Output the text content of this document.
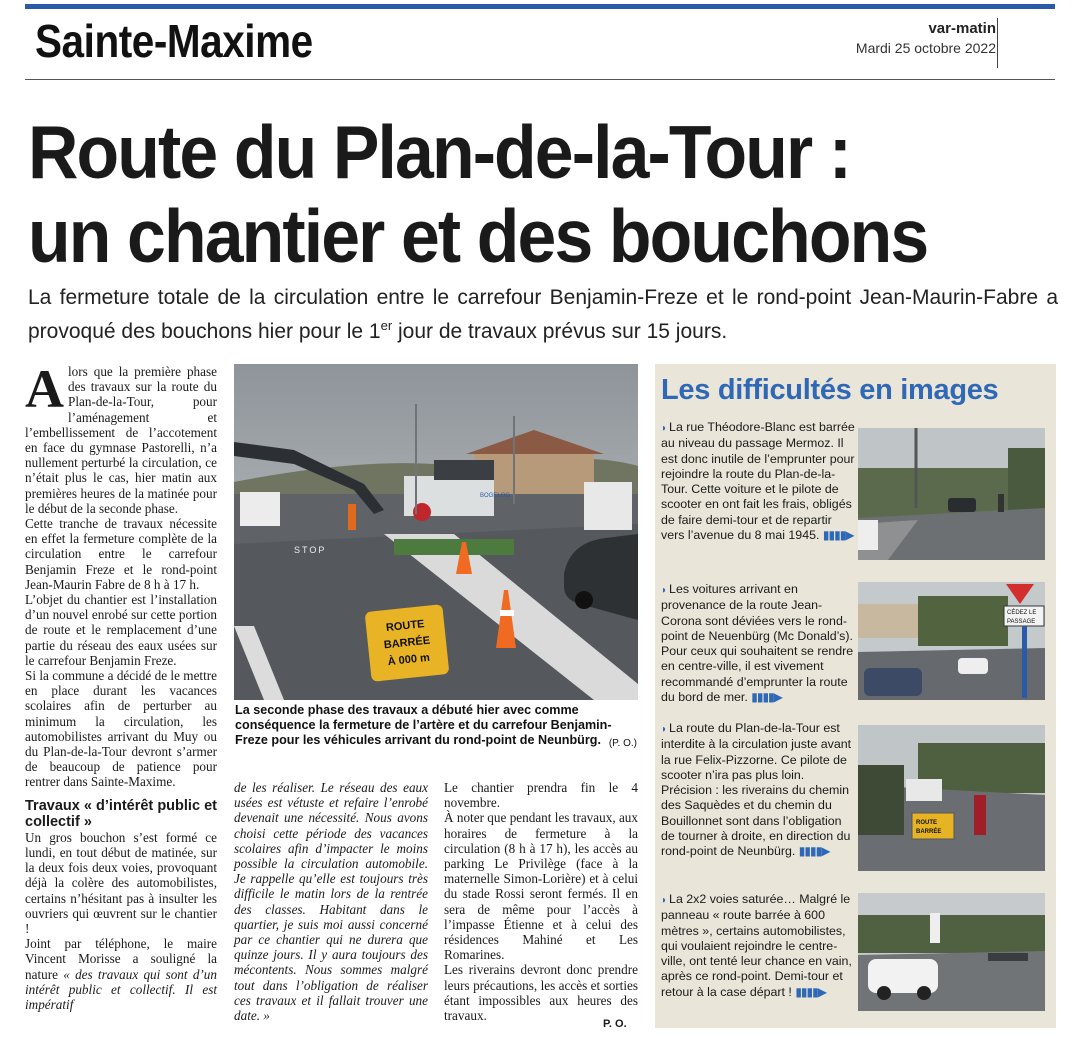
Sainte-Maxime	var-matin
Mardi 25 octobre 2022
Route du Plan-de-la-Tour :
un chantier et des bouchons
La fermeture totale de la circulation entre le carrefour Benjamin-Freze et le rond-point Jean-Maurin-Fabre a provoqué des bouchons hier pour le 1er jour de travaux prévus sur 15 jours.

Alors que la première phase des travaux sur la route du Plan-de-la-Tour, pour l’aménagement et l’embellissement de l’accotement en face du gymnase Pastorelli, n’a nullement perturbé la circulation, ce n’était plus le cas, hier matin aux premières heures de la matinée pour le début de la seconde phase.

Cette tranche de travaux nécessite en effet la fermeture complète de la circulation entre le carrefour Benjamin Freze et le rond-point Jean-Maurin Fabre de 8 h à 17 h.

L’objet du chantier est l’installation d’un nouvel enrobé sur cette portion de route et le remplacement d’une partie du réseau des eaux usées sur le carrefour Benjamin Freze.

Si la commune a décidé de le mettre en place durant les vacances scolaires afin de perturber au minimum la circulation, les automobilistes arrivant du Muy ou du Plan-de-la-Tour devront s’armer de beaucoup de patience pour rentrer dans Sainte-Maxime.

Travaux « d’intérêt public et collectif »

Un gros bouchon s’est formé ce lundi, en tout début de matinée, sur la deux fois deux voies, provoquant déjà la colère des automobilistes, certains n’hésitant pas à insulter les ouvriers qui œuvrent sur le chantier !

Joint par téléphone, le maire Vincent Morisse a souligné la nature « des travaux qui sont d’un intérêt public et collectif. Il est impératif

BOGELOG
STOP
ROUTE
BARRÉE
À 000 m
La seconde phase des travaux a débuté hier avec comme conséquence la fermeture de l’artère et du carrefour Benjamin-Freze pour les véhicules arrivant du rond-point de Neunbürg. (P. O.)

de les réaliser. Le réseau des eaux usées est vétuste et refaire l’enrobé devenait une nécessité. Nous avons choisi cette période des vacances scolaires afin d’impacter le moins possible la circulation automobile. Je rappelle qu’elle est toujours très difficile le matin lors de la rentrée des classes. Habitant dans le quartier, je suis moi aussi concerné par ce chantier qui ne durera que quinze jours. Il y aura toujours des mécontents. Nous sommes malgré tout dans l’obligation de réaliser ces travaux et il fallait trouver une date. »

Le chantier prendra fin le 4 novembre.

À noter que pendant les travaux, aux horaires de fermeture à la circulation (8 h à 17 h), les accès au parking Le Privilège (face à la maternelle Simon-Lorière) et à celui du stade Rossi seront fermés. Il en sera de même pour l’accès à l’impasse Étienne et à celui des résidences Mahiné et Les Romarines.

Les riverains devront donc prendre leurs précautions, les accès et sorties étant impossibles aux heures des travaux.

P. O.
Les difficultés en images
◗ La rue Théodore-Blanc est barrée au niveau du passage Mermoz. Il est donc inutile de l’emprunter pour rejoindre la route du Plan-de-la-Tour. Cette voiture et le pilote de scooter en ont fait les frais, obligés de faire demi-tour et de repartir vers l’avenue du 8 mai 1945. ▮▮▮▮▶
◗ Les voitures arrivant en provenance de la route Jean-Corona sont déviées vers le rond-point de Neuenbürg (Mc Donald’s). Pour ceux qui souhaitent se rendre en centre-ville, il est vivement recommandé d’emprunter la route du bord de mer. ▮▮▮▮▶
CÉDEZ LE
PASSAGE
◗ La route du Plan-de-la-Tour est interdite à la circulation juste avant la rue Felix-Pizzorne. Ce pilote de scooter n’ira pas plus loin. Précision : les riverains du chemin des Saquèdes et du chemin du Bouillonnet sont dans l’obligation de tourner à droite, en direction du rond-point de Neunbürg. ▮▮▮▮▶
ROUTE
BARRÉE
◗ La 2x2 voies saturée… Malgré le panneau « route barrée à 600 mètres », certains automobilistes, qui voulaient rejoindre le centre-ville, ont tenté leur chance en vain, après ce rond-point. Demi-tour et retour à la case départ ! ▮▮▮▮▶
